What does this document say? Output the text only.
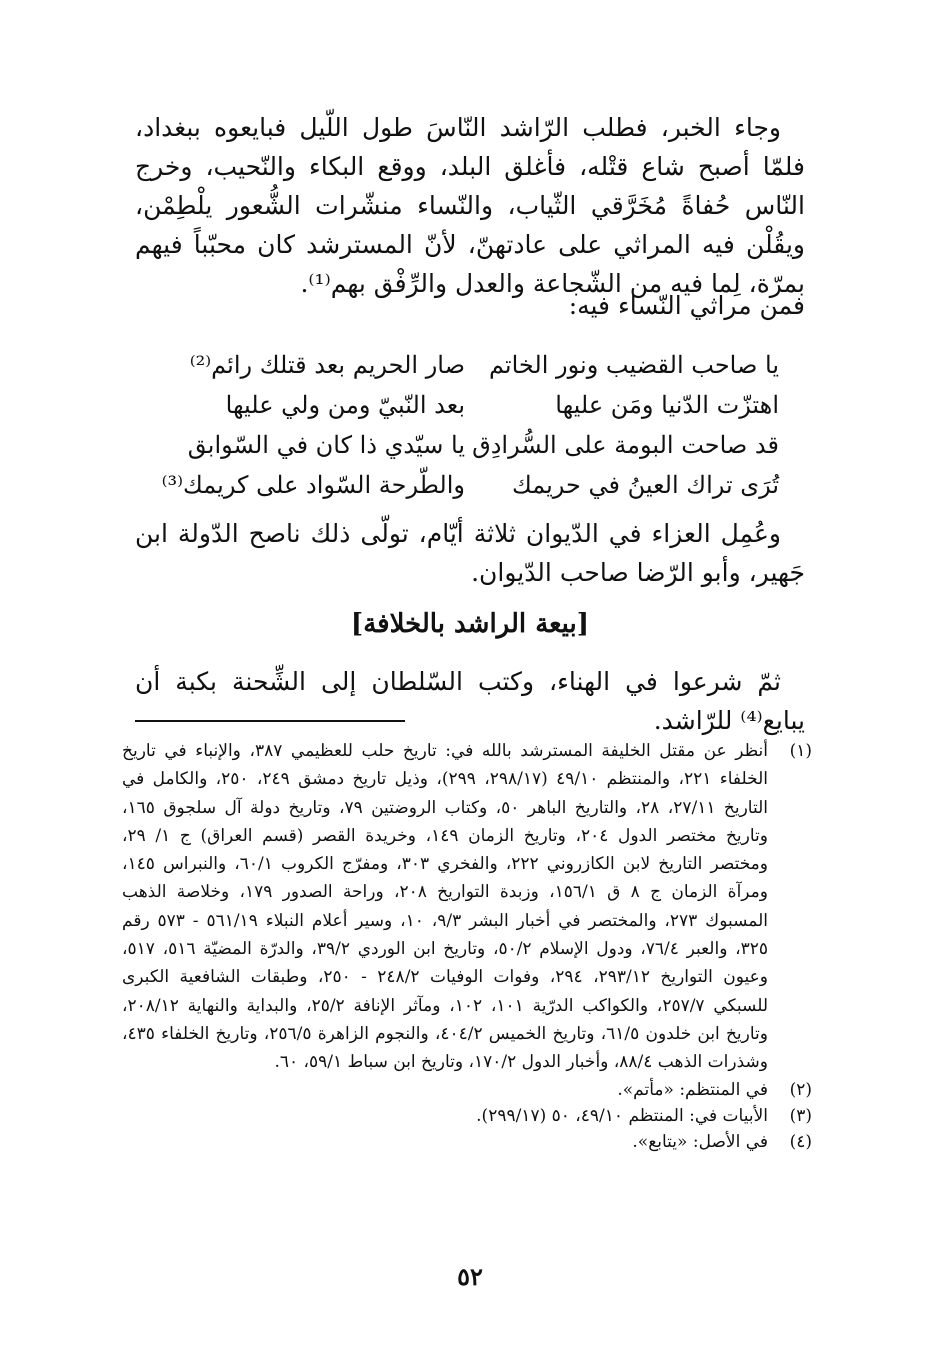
وجاء الخبر، فطلب الرّاشد النّاسَ طول اللّيل فبايعوه ببغداد، فلمّا أصبح شاع قتْله، فأغلق البلد، ووقع البكاء والنّحيب، وخرج النّاس حُفاةً مُخَرَّقي الثّياب، والنّساء منشّرات الشُّعور يلْطِمْن، ويقُلْن فيه المراثي على عادتهنّ، لأنّ المسترشد كان محبّباً فيهم بمرّة، لِما فيه من الشّجاعة والعدل والرِّفْق بهم⁽¹⁾.

فمن مراثي النّساء فيه:

يا صاحب القضيب ونور الخاتم
صار الحريم بعد قتلك رائم⁽²⁾
اهتزّت الدّنيا ومَن عليها
بعد النّبيّ ومن ولي عليها
قد صاحت البومة على السُّرادِق
يا سيّدي ذا كان في السّوابق
تُرَى تراك العينُ في حريمك
والطّرحة السّواد على كريمك⁽³⁾

وعُمِل العزاء في الدّيوان ثلاثة أيّام، تولّى ذلك ناصح الدّولة ابن جَهير، وأبو الرّضا صاحب الدّيوان.

[بيعة الراشد بالخلافة]

ثمّ شرعوا في الهناء، وكتب السّلطان إلى الشِّحنة بكبة أن يبايع⁽⁴⁾ للرّاشد.

(١)
أنظر عن مقتل الخليفة المسترشد بالله في: تاريخ حلب للعظيمي ٣٨٧، والإنباء في تاريخ الخلفاء ٢٢١، والمنتظم ٤٩/١٠ (٢٩٨/١٧، ٢٩٩)، وذيل تاريخ دمشق ٢٤٩، ٢٥٠، والكامل في التاريخ ٢٧/١١، ٢٨، والتاريخ الباهر ٥٠، وكتاب الروضتين ٧٩، وتاريخ دولة آل سلجوق ١٦٥، وتاريخ مختصر الدول ٢٠٤، وتاريخ الزمان ١٤٩، وخريدة القصر (قسم العراق) ج ١/ ٢٩، ومختصر التاريخ لابن الكازروني ٢٢٢، والفخري ٣٠٣، ومفرّج الكروب ٦٠/١، والنبراس ١٤٥، ومرآة الزمان ج ٨ ق ١٥٦/١، وزبدة التواريخ ٢٠٨، وراحة الصدور ١٧٩، وخلاصة الذهب المسبوك ٢٧٣، والمختصر في أخبار البشر ٩/٣، ١٠، وسير أعلام النبلاء ٥٦١/١٩ - ٥٧٣ رقم ٣٢٥، والعبر ٧٦/٤، ودول الإسلام ٥٠/٢، وتاريخ ابن الوردي ٣٩/٢، والدرّة المضيّة ٥١٦، ٥١٧، وعيون التواريخ ٢٩٣/١٢، ٢٩٤، وفوات الوفيات ٢٤٨/٢ - ٢٥٠، وطبقات الشافعية الكبرى للسبكي ٢٥٧/٧، والكواكب الدرّية ١٠١، ١٠٢، ومآثر الإنافة ٢٥/٢، والبداية والنهاية ٢٠٨/١٢، وتاريخ ابن خلدون ٦١/٥، وتاريخ الخميس ٤٠٤/٢، والنجوم الزاهرة ٢٥٦/٥، وتاريخ الخلفاء ٤٣٥، وشذرات الذهب ٨٨/٤، وأخبار الدول ١٧٠/٢، وتاريخ ابن سباط ٥٩/١، ٦٠.
(٢)
في المنتظم: «مأتم».
(٣)
الأبيات في: المنتظم ٤٩/١٠، ٥٠ (٢٩٩/١٧).
(٤)
في الأصل: «يتابع».
٥٢
